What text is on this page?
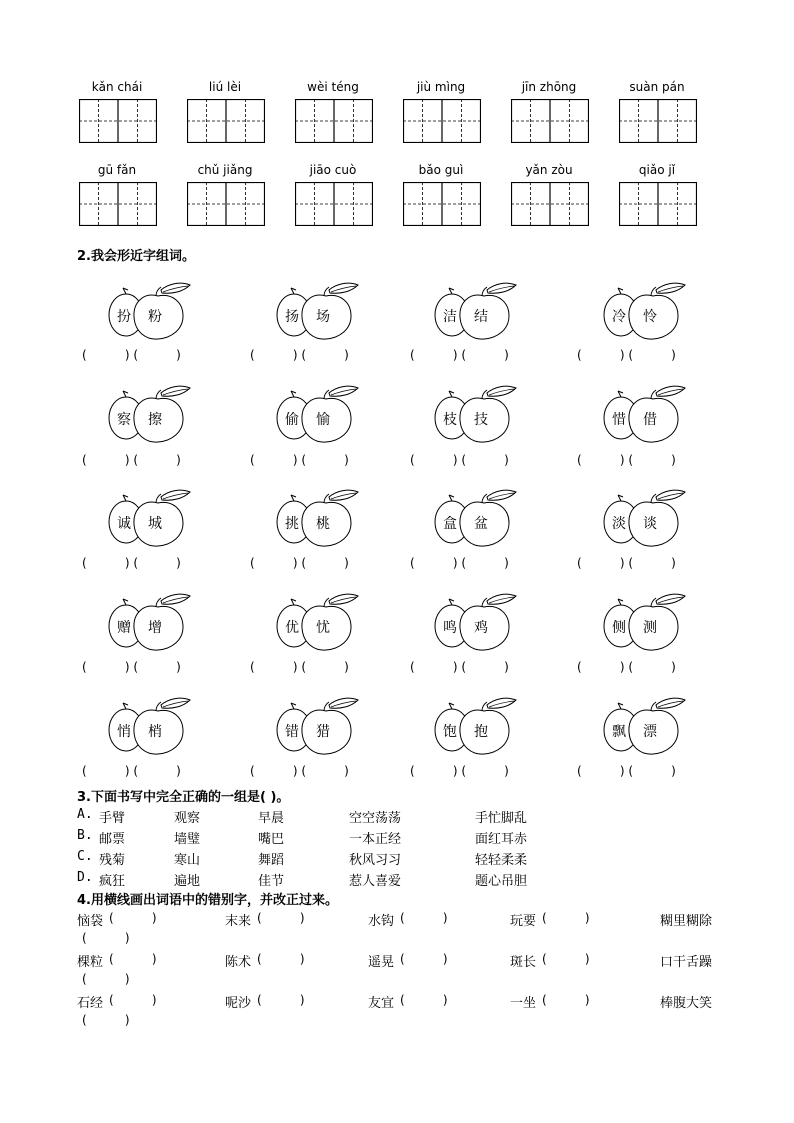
kǎn chái	liú lèi	wèi téng	jiù mìng	jīn zhōng	suàn pán
gū fǎn	chǔ jiǎng	jiāo cuò	bǎo guì	yǎn zòu	qiǎo jǐ
2.我会形近字组词。
扮 粉
(          ) (          )
扬 场
(          ) (          )
洁 结
(          ) (          )
冷 怜
(          ) (          )
察 擦
(          ) (          )
偷 愉
(          ) (          )
枝 技
(          ) (          )
惜 借
(          ) (          )
诚 城
(          ) (          )
挑 桃
(          ) (          )
盒 盆
(          ) (          )
淡 谈
(          ) (          )
赠 增
(          ) (          )
优 忧
(          ) (          )
鸣 鸡
(          ) (          )
侧 测
(          ) (          )
悄 梢
(          ) (          )
错 猎
(          ) (          )
饱 抱
(          ) (          )
飘 漂
(          ) (          )
3.下面书写中完全正确的一组是( )。
A. 手臂	观察	早晨	空空荡荡	手忙脚乱
B. 邮票	墙璧	嘴巴	一本正经	面红耳赤
C. 残菊	寒山	舞蹈	秋风习习	轻轻柔柔
D. 疯狂	遍地	佳节	惹人喜爱	题心吊胆
4.用横线画出词语中的错别字，并改正过来。
恼袋 (          )	末来 (          )	水钩 (          )	玩要 (          )	糊里糊除
(          )
棵粒 (          )	陈术 (          )	遥晃 (          )	斑长 (          )	口干舌躁
(          )
石经 (          )	呢沙 (          )	友宜 (          )	一坐 (          )	棒腹大笑
(          )
